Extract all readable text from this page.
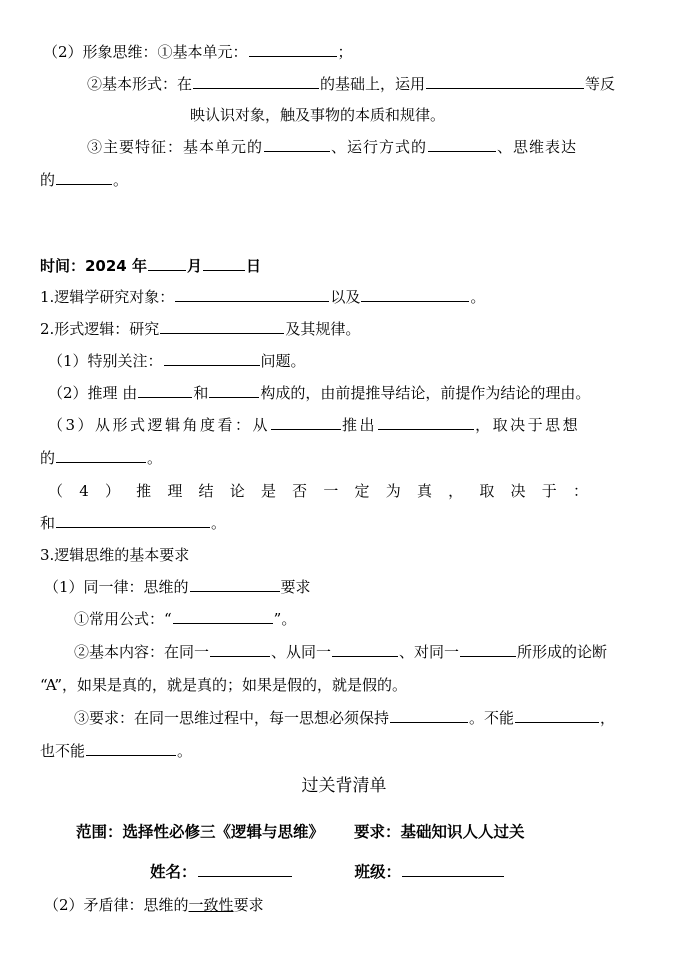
（2）形象思维：①基本单元：	；
②基本形式：在	的基础上，运用	等反
映认识对象，触及事物的本质和规律。
③主要特征：基本单元的	、运行方式的	、思维表达
的	。
时间：2024 年	月	日
1.逻辑学研究对象：	以及	。
2.形式逻辑：研究	及其规律。
（1）特别关注：	问题。
（2）推理 由	和	构成的，由前提推导结论，前提作为结论的理由。
（3）从形式逻辑角度看：从	推出	，取决于思想
的	。
（4）推理结论是否一定为真，取决于：
和	。
3.逻辑思维的基本要求
（1）同一律：思维的	要求
①常用公式：“	”。
②基本内容：在同一	、从同一	、对同一	所形成的论断
“A”，如果是真的，就是真的；如果是假的，就是假的。
③要求：在同一思维过程中，每一思想必须保持	。不能	，
也不能	。
过关背清单
范围：选择性必修三《逻辑与思维》 要求：基础知识人人过关
姓名：	班级：
（2）矛盾律：思维的一致性要求
